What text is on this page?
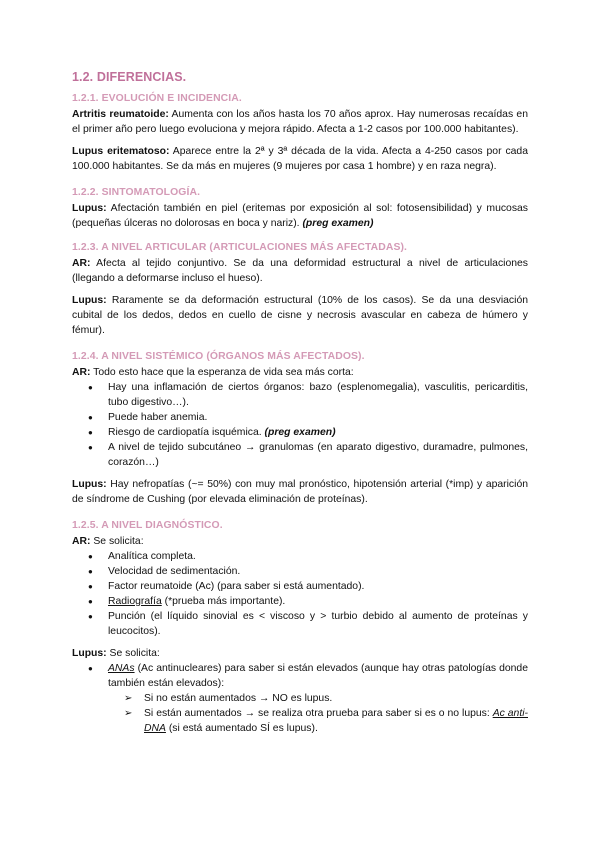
1.2. DIFERENCIAS.
1.2.1. EVOLUCIÓN E INCIDENCIA.

Artritis reumatoide: Aumenta con los años hasta los 70 años aprox. Hay numerosas recaídas en el primer año pero luego evoluciona y mejora rápido. Afecta a 1-2 casos por 100.000 habitantes).

Lupus eritematoso: Aparece entre la 2ª y 3ª década de la vida. Afecta a 4-250 casos por cada 100.000 habitantes. Se da más en mujeres (9 mujeres por casa 1 hombre) y en raza negra).

1.2.2. SINTOMATOLOGÍA.

Lupus: Afectación también en piel (eritemas por exposición al sol: fotosensibilidad) y mucosas (pequeñas úlceras no dolorosas en boca y nariz). (preg examen)

1.2.3. A NIVEL ARTICULAR (ARTICULACIONES MÁS AFECTADAS).

AR: Afecta al tejido conjuntivo. Se da una deformidad estructural a nivel de articulaciones (llegando a deformarse incluso el hueso).

Lupus: Raramente se da deformación estructural (10% de los casos). Se da una desviación cubital de los dedos, dedos en cuello de cisne y necrosis avascular en cabeza de húmero y fémur).

1.2.4. A NIVEL SISTÉMICO (ÓRGANOS MÁS AFECTADOS).

AR: Todo esto hace que la esperanza de vida sea más corta:

● Hay una inflamación de ciertos órganos: bazo (esplenomegalia), vasculitis, pericarditis, tubo digestivo…).
● Puede haber anemia.
● Riesgo de cardiopatía isquémica. (preg examen)
● A nivel de tejido subcutáneo → granulomas (en aparato digestivo, duramadre, pulmones, corazón…)

Lupus: Hay nefropatías (~= 50%) con muy mal pronóstico, hipotensión arterial (*imp) y aparición de síndrome de Cushing (por elevada eliminación de proteínas).

1.2.5. A NIVEL DIAGNÓSTICO.

AR: Se solicita:

● Analítica completa.
● Velocidad de sedimentación.
● Factor reumatoide (Ac) (para saber si está aumentado).
● Radiografía (*prueba más importante).
● Punción (el líquido sinovial es < viscoso y > turbio debido al aumento de proteínas y leucocitos).

Lupus: Se solicita:

● ANAs (Ac antinucleares) para saber si están elevados (aunque hay otras patologías donde también están elevados):
➢ Si no están aumentados → NO es lupus.
➢ Si están aumentados → se realiza otra prueba para saber si es o no lupus: Ac anti-DNA (si está aumentado SÍ es lupus).
